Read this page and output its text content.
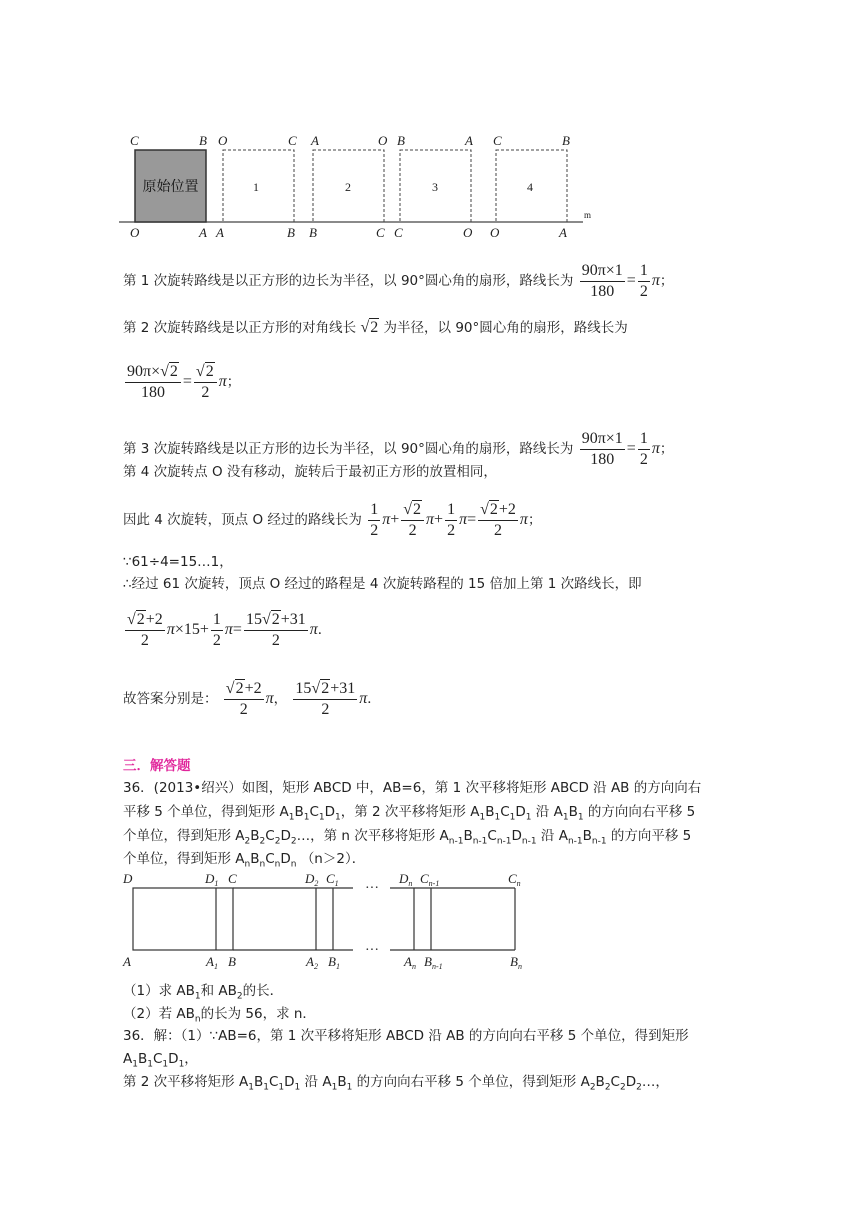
原始位置
C	B O	C A	O B	A C	B
O	A A	B B	C C	O O	A
1	2	3	4
m
第 1 次旋转路线是以正方形的边长为半径，以 90°圆心角的扇形，路线长为 $\frac{90\pi\times 1}{180} = \frac{1}{2}$ π；
第 2 次旋转路线是以正方形的对角线长 √2 为半径，以 90°圆心角的扇形，路线长为
$\frac{90\pi\times√2}{180} = \frac{√2}{2}$ π；
第 3 次旋转路线是以正方形的边长为半径，以 90°圆心角的扇形，路线长为 $\frac{90\pi\times 1}{180} = \frac{1}{2}$ π；
第 4 次旋转点 O 没有移动，旋转后于最初正方形的放置相同，
因此 4 次旋转，顶点 O 经过的路线长为 $\frac{1}{2} \pi+ \frac{√2}{2} \pi+ \frac{1}{2} \pi= \frac{√2+2}{2}$ π；
∵61÷4=15…1，
∴经过 61 次旋转，顶点 O 经过的路程是 4 次旋转路程的 15 倍加上第 1 次路线长，即
$\frac{√2+2}{2} \pi\times 15+ \frac{1}{2} \pi= \frac{15√2+31}{2}$ π．
故答案分别是： $\frac{√2+2}{2}$ π， $\frac{15√2+31}{2}$ π．
三．解答题
36．(2013•绍兴）如图，矩形 ABCD 中，AB=6，第 1 次平移将矩形 ABCD 沿 AB 的方向向右
平移 5 个单位，得到矩形 $A_1B_1C_1D_1$，第 2 次平移将矩形 $A_1B_1C_1D_1$ 沿 $A_1B_1$ 的方向向右平移 5
个单位，得到矩形 $A_2B_2C_2D_2\dots$，第 n 次平移将矩形 $A_{n-1}B_{n-1}C_{n-1}D_{n-1}$ 沿 $A_{n-1}B_{n-1}$ 的方向平移 5
个单位，得到矩形 $A_nB_nC_nD_n$ （n＞2）．
D	$D_1$ C	$D_2$ $C_1$	$D_n$ $C_{n-1}$	$C_n$
A	$A_1$ B	$A_2$ $B_1$	$A_n$ $B_{n-1}$	$B_n$
···
···
（1）求 $AB_1$和 $AB_2$的长．
（2）若 $AB_n$的长为 56，求 n．
36．解：（1）∵AB=6，第 1 次平移将矩形 ABCD 沿 AB 的方向向右平移 5 个单位，得到矩形
$A_1B_1C_1D_1$，
第 2 次平移将矩形 $A_1B_1C_1D_1$ 沿 $A_1B_1$ 的方向向右平移 5 个单位，得到矩形 $A_2B_2C_2D_2\dots$，
